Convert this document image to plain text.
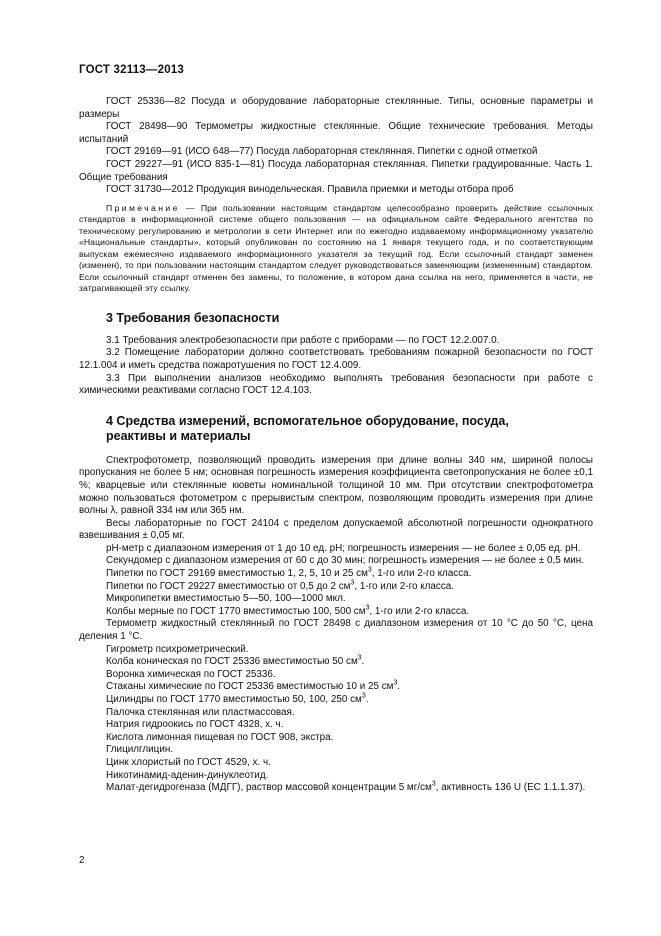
ГОСТ 32113—2013

ГОСТ 25336—82 Посуда и оборудование лабораторные стеклянные. Типы, основные параметры и размеры

ГОСТ 28498—90 Термометры жидкостные стеклянные. Общие технические требования. Методы испытаний

ГОСТ 29169—91 (ИСО 648—77) Посуда лабораторная стеклянная. Пипетки с одной отметкой

ГОСТ 29227—91 (ИСО 835-1—81) Посуда лабораторная стеклянная. Пипетки градуированные. Часть 1. Общие требования

ГОСТ 31730—2012 Продукция винодельческая. Правила приемки и методы отбора проб

Примечание — При пользовании настоящим стандартом целесообразно проверить действие ссылочных стандартов в информационной системе общего пользования — на официальном сайте Федерального агентства по техническому регулированию и метрологии в сети Интернет или по ежегодно издаваемому информационному указателю «Национальные стандарты», который опубликован по состоянию на 1 января текущего года, и по соответствующим выпускам ежемесячно издаваемого информационного указателя за текущий год. Если ссылочный стандарт заменен (изменен), то при пользовании настоящим стандартом следует руководствоваться заменяющим (измененным) стандартом. Если ссылочный стандарт отменен без замены, то положение, в котором дана ссылка на него, применяется в части, не затрагивающей эту ссылку.

3 Требования безопасности

3.1 Требования электробезопасности при работе с приборами — по ГОСТ 12.2.007.0.

3.2 Помещение лаборатории должно соответствовать требованиям пожарной безопасности по ГОСТ 12.1.004 и иметь средства пожаротушения по ГОСТ 12.4.009.

3.3 При выполнении анализов необходимо выполнять требования безопасности при работе с химическими реактивами согласно ГОСТ 12.4.103.

4 Средства измерений, вспомогательное оборудование, посуда,
реактивы и материалы

Спектрофотометр, позволяющий проводить измерения при длине волны 340 нм, шириной полосы пропускания не более 5 нм; основная погрешность измерения коэффициента светопропускания не более ±0,1 %; кварцевые или стеклянные кюветы номинальной толщиной 10 мм. При отсутствии спектрофотометра можно пользоваться фотометром с прерывистым спектром, позволяющим проводить измерения при длине волны λ, равной 334 нм или 365 нм.

Весы лабораторные по ГОСТ 24104 с пределом допускаемой абсолютной погрешности однократного взвешивания ± 0,05 мг.

рН-метр с диапазоном измерения от 1 до 10 ед. рН; погрешность измерения — не более ± 0,05 ед. рН.

Секундомер с диапазоном измерения от 60 с до 30 мин; погрешность измерения — не более ± 0,5 мин.

Пипетки по ГОСТ 29169 вместимостью 1, 2, 5, 10 и 25 $см^3$, 1-го или 2-го класса.

Пипетки по ГОСТ 29227 вместимостью от 0,5 до 2 $см^3$, 1-го или 2-го класса.

Микропипетки вместимостью 5—50, 100—1000 мкл.

Колбы мерные по ГОСТ 1770 вместимостью 100, 500 $см^3$, 1-го или 2-го класса.

Термометр жидкостный стеклянный по ГОСТ 28498 с диапазоном измерения от 10 °С до 50 °С, цена деления 1 °С.

Гигрометр психрометрический.

Колба коническая по ГОСТ 25336 вместимостью 50 $см^3$.

Воронка химическая по ГОСТ 25336.

Стаканы химические по ГОСТ 25336 вместимостью 10 и 25 $см^3$.

Цилиндры по ГОСТ 1770 вместимостью 50, 100, 250 $см^3$.

Палочка стеклянная или пластмассовая.

Натрия гидроокись по ГОСТ 4328, х. ч.

Кислота лимонная пищевая по ГОСТ 908, экстра.

Глицилглицин.

Цинк хлористый по ГОСТ 4529, х. ч.

Никотинамид-аденин-динуклеотид.

Малат-дегидрогеназа (МДГГ), раствор массовой концентрации 5 $мг/см^3$, активность 136 U (ЕС 1.1.1.37).

2
